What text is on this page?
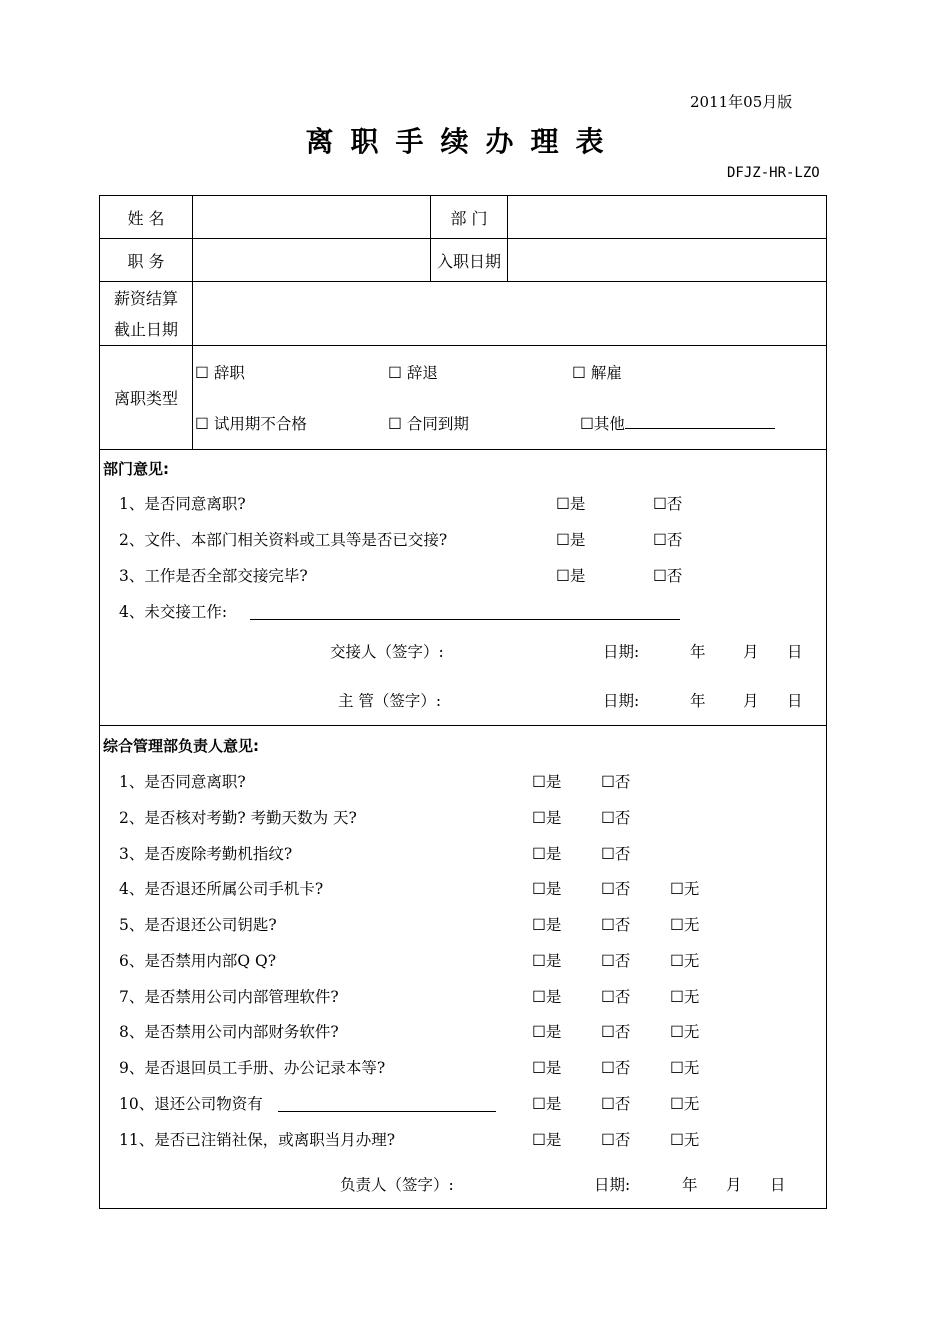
2011年05月版
离职手续办理表
DFJZ-HR-LZO
姓 名	部 门
职 务	入职日期
薪资结算
截止日期
离职类型
☐ 辞职	☐ 辞退	☐ 解雇
☐ 试用期不合格	☐ 合同到期	☐其他
部门意见:
1、是否同意离职?	☐是	☐否
2、文件、本部门相关资料或工具等是否已交接?	☐是	☐否
3、工作是否全部交接完毕?	☐是	☐否
4、未交接工作:
交接人（签字）:	日期:	年 月 日
主 管（签字）:	日期:	年 月 日
综合管理部负责人意见:
1、是否同意离职?	☐是	☐否
2、是否核对考勤? 考勤天数为 天?	☐是	☐否
3、是否废除考勤机指纹?	☐是	☐否
4、是否退还所属公司手机卡?	☐是	☐否	☐无
5、是否退还公司钥匙?	☐是	☐否	☐无
6、是否禁用内部Q Q?	☐是	☐否	☐无
7、是否禁用公司内部管理软件?	☐是	☐否	☐无
8、是否禁用公司内部财务软件?	☐是	☐否	☐无
9、是否退回员工手册、办公记录本等?	☐是	☐否	☐无
10、退还公司物资有	☐是	☐否	☐无
11、是否已注销社保，或离职当月办理?	☐是	☐否	☐无
负责人（签字）:	日期:	年 月 日
